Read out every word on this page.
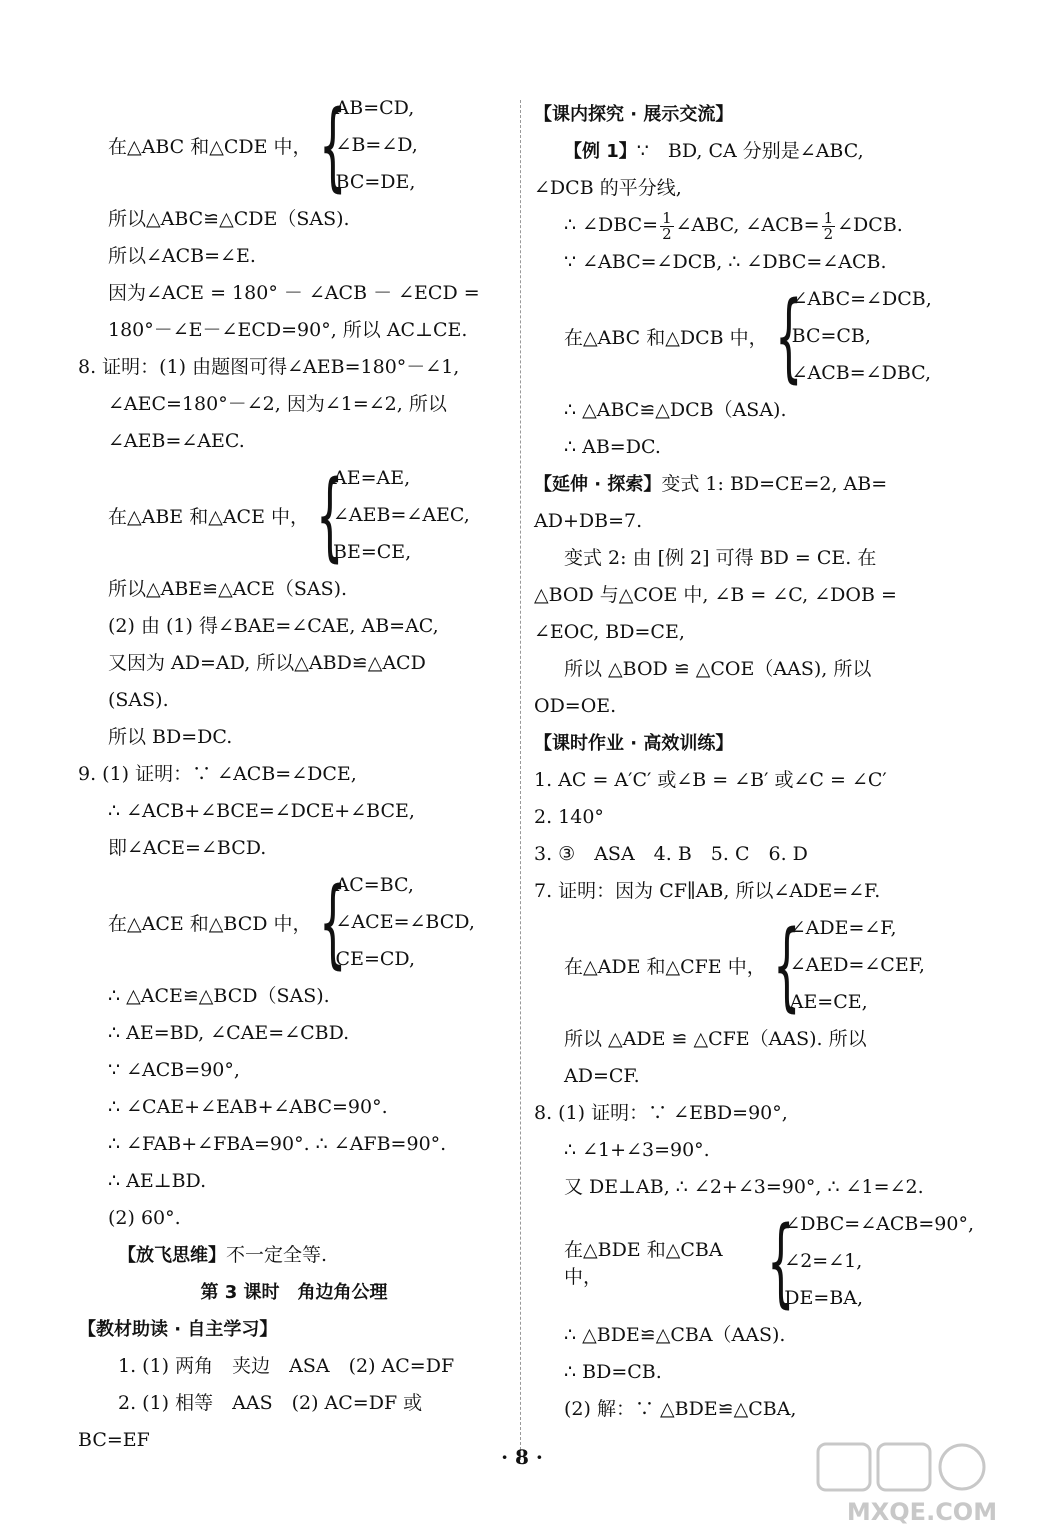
在△ABC 和△CDE 中， {
AB=CD,
∠B=∠D,
BC=DE,
所以△ABC≌△CDE（SAS).
所以∠ACB=∠E.
因为∠ACE = 180° － ∠ACB － ∠ECD =
180°－∠E－∠ECD=90°, 所以 AC⊥CE.
8. 证明：(1) 由题图可得∠AEB=180°－∠1,
∠AEC=180°－∠2, 因为∠1=∠2, 所以
∠AEB=∠AEC.
在△ABE 和△ACE 中， {
AE=AE,
∠AEB=∠AEC,
BE=CE,
所以△ABE≌△ACE（SAS).
(2) 由 (1) 得∠BAE=∠CAE, AB=AC,
又因为 AD=AD, 所以△ABD≌△ACD
(SAS).
所以 BD=DC.
9. (1) 证明：∵ ∠ACB=∠DCE,
∴ ∠ACB+∠BCE=∠DCE+∠BCE,
即∠ACE=∠BCD.
在△ACE 和△BCD 中， {
AC=BC,
∠ACE=∠BCD,
CE=CD,
∴ △ACE≌△BCD（SAS).
∴ AE=BD, ∠CAE=∠CBD.
∵ ∠ACB=90°,
∴ ∠CAE+∠EAB+∠ABC=90°.
∴ ∠FAB+∠FBA=90°. ∴ ∠AFB=90°.
∴ AE⊥BD.
(2) 60°.
【放飞思维】不一定全等.
第 3 课时　角边角公理
【教材助读 · 自主学习】
1. (1) 两角　夹边　ASA　(2) AC=DF
2. (1) 相等　AAS　(2) AC=DF 或
BC=EF
【课内探究 · 展示交流】
【例 1】∵　BD, CA 分别是∠ABC,
∠DCB 的平分线,
∴ ∠DBC= $\frac{1}{2}$ ∠ABC, ∠ACB= $\frac{1}{2}$ ∠DCB.
∵ ∠ABC=∠DCB, ∴ ∠DBC=∠ACB.
在△ABC 和△DCB 中， {
∠ABC=∠DCB,
BC=CB,
∠ACB=∠DBC,
∴ △ABC≌△DCB（ASA).
∴ AB=DC.
【延伸 · 探索】变式 1: BD=CE=2, AB=
AD+DB=7.
变式 2: 由 [例 2] 可得 BD = CE. 在
△BOD 与△COE 中, ∠B = ∠C, ∠DOB =
∠EOC, BD=CE,
所以 △BOD ≌ △COE（AAS), 所以
OD=OE.
【课时作业 · 高效训练】
1. AC = A′C′ 或∠B = ∠B′ 或∠C = ∠C′
2. 140°
3. ③　ASA　4. B　5. C　6. D
7. 证明：因为 CF∥AB, 所以∠ADE=∠F.
在△ADE 和△CFE 中， {
∠ADE=∠F,
∠AED=∠CEF,
AE=CE,
所以 △ADE ≌ △CFE（AAS). 所以
AD=CF.
8. (1) 证明：∵ ∠EBD=90°,
∴ ∠1+∠3=90°.
又 DE⊥AB, ∴ ∠2+∠3=90°, ∴ ∠1=∠2.
在△BDE 和△CBA 中，	{
∠DBC=∠ACB=90°,
∠2=∠1,
DE=BA,
∴ △BDE≌△CBA（AAS).
∴ BD=CB.
(2) 解：∵ △BDE≌△CBA,
· 8 ·
MXQE.COM
